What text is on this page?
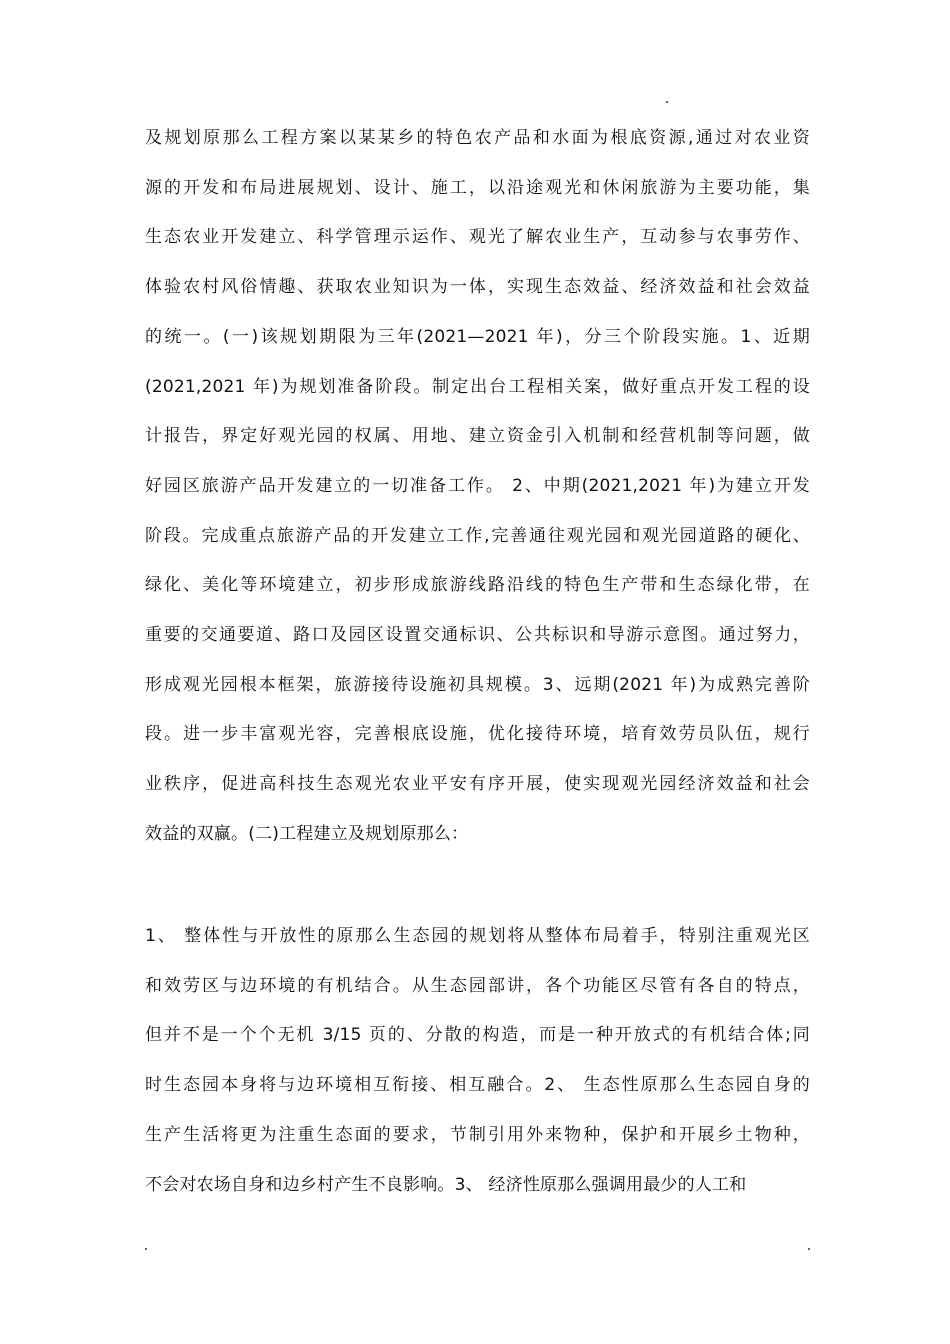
及规划原那么工程方案以某某乡的特色农产品和水面为根底资源,通过对农业资
源的开发和布局进展规划、设计、施工，以沿途观光和休闲旅游为主要功能，集
生态农业开发建立、科学管理示运作、观光了解农业生产，互动参与农事劳作、
体验农村风俗情趣、获取农业知识为一体，实现生态效益、经济效益和社会效益
的统一。(一)该规划期限为三年(2021—2021 年)，分三个阶段实施。1、近期
(2021,2021 年)为规划准备阶段。制定出台工程相关案，做好重点开发工程的设
计报告，界定好观光园的权属、用地、建立资金引入机制和经营机制等问题，做
好园区旅游产品开发建立的一切准备工作。 2、中期(2021,2021 年)为建立开发
阶段。完成重点旅游产品的开发建立工作,完善通往观光园和观光园道路的硬化、
绿化、美化等环境建立，初步形成旅游线路沿线的特色生产带和生态绿化带，在
重要的交通要道、路口及园区设置交通标识、公共标识和导游示意图。通过努力，
形成观光园根本框架，旅游接待设施初具规模。3、远期(2021 年)为成熟完善阶
段。进一步丰富观光容，完善根底设施，优化接待环境，培育效劳员队伍，规行
业秩序，促进高科技生态观光农业平安有序开展，使实现观光园经济效益和社会
效益的双赢。(二)工程建立及规划原那么：
1、 整体性与开放性的原那么生态园的规划将从整体布局着手，特别注重观光区
和效劳区与边环境的有机结合。从生态园部讲，各个功能区尽管有各自的特点，
但并不是一个个无机 3/15 页的、分散的构造，而是一种开放式的有机结合体;同
时生态园本身将与边环境相互衔接、相互融合。2、 生态性原那么生态园自身的
生产生活将更为注重生态面的要求，节制引用外来物种，保护和开展乡土物种，
不会对农场自身和边乡村产生不良影响。3、 经济性原那么强调用最少的人工和
